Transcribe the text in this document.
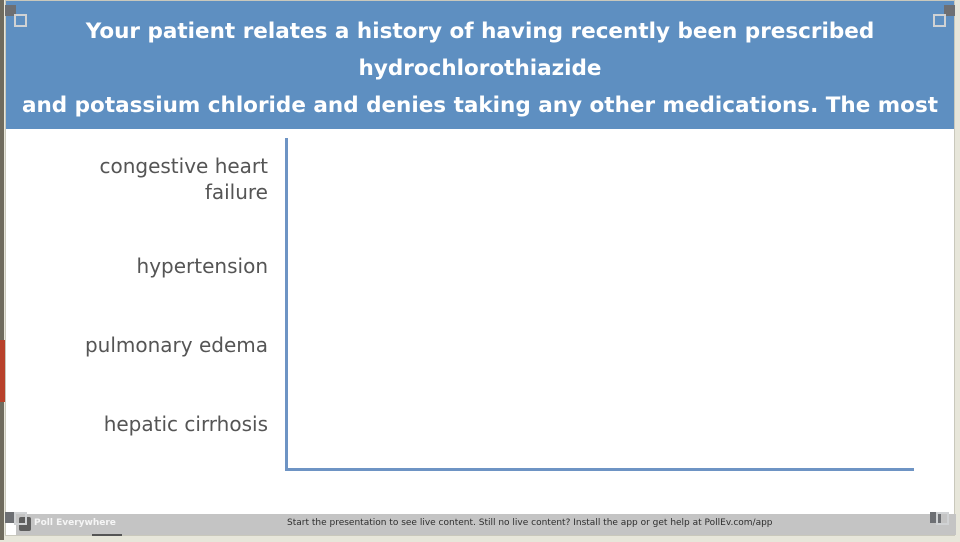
Your patient relates a history of having recently been prescribed hydrochlorothiazide
and potassium chloride and denies taking any other medications. The most likely
medical diagosis is:
congestive heart
failure
hypertension
pulmonary edema
hepatic cirrhosis
Poll Everywhere	Start the presentation to see live content. Still no live content? Install the app or get help at PollEv.com/app
